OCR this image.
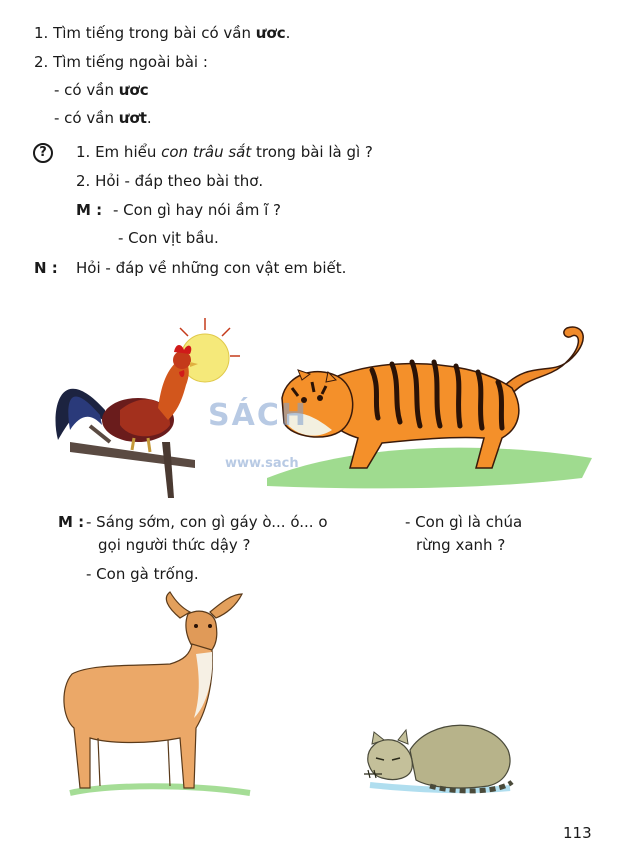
1. Tìm tiếng trong bài có vần ươc.
2. Tìm tiếng ngoài bài :
- có vần ươc
- có vần ươt.
?	1. Em hiểu con trâu sắt trong bài là gì ?
2. Hỏi - đáp theo bài thơ.
M : - Con gì hay nói ầm ĩ ?
- Con vịt bầu.
N : Hỏi - đáp về những con vật em biết.
SÁCH
www.sach
M : - Sáng sớm, con gì gáy ò... ó... o
gọi người thức dậy ?
- Con gà trống.
- Con gì là chúa
rừng xanh ?
113
